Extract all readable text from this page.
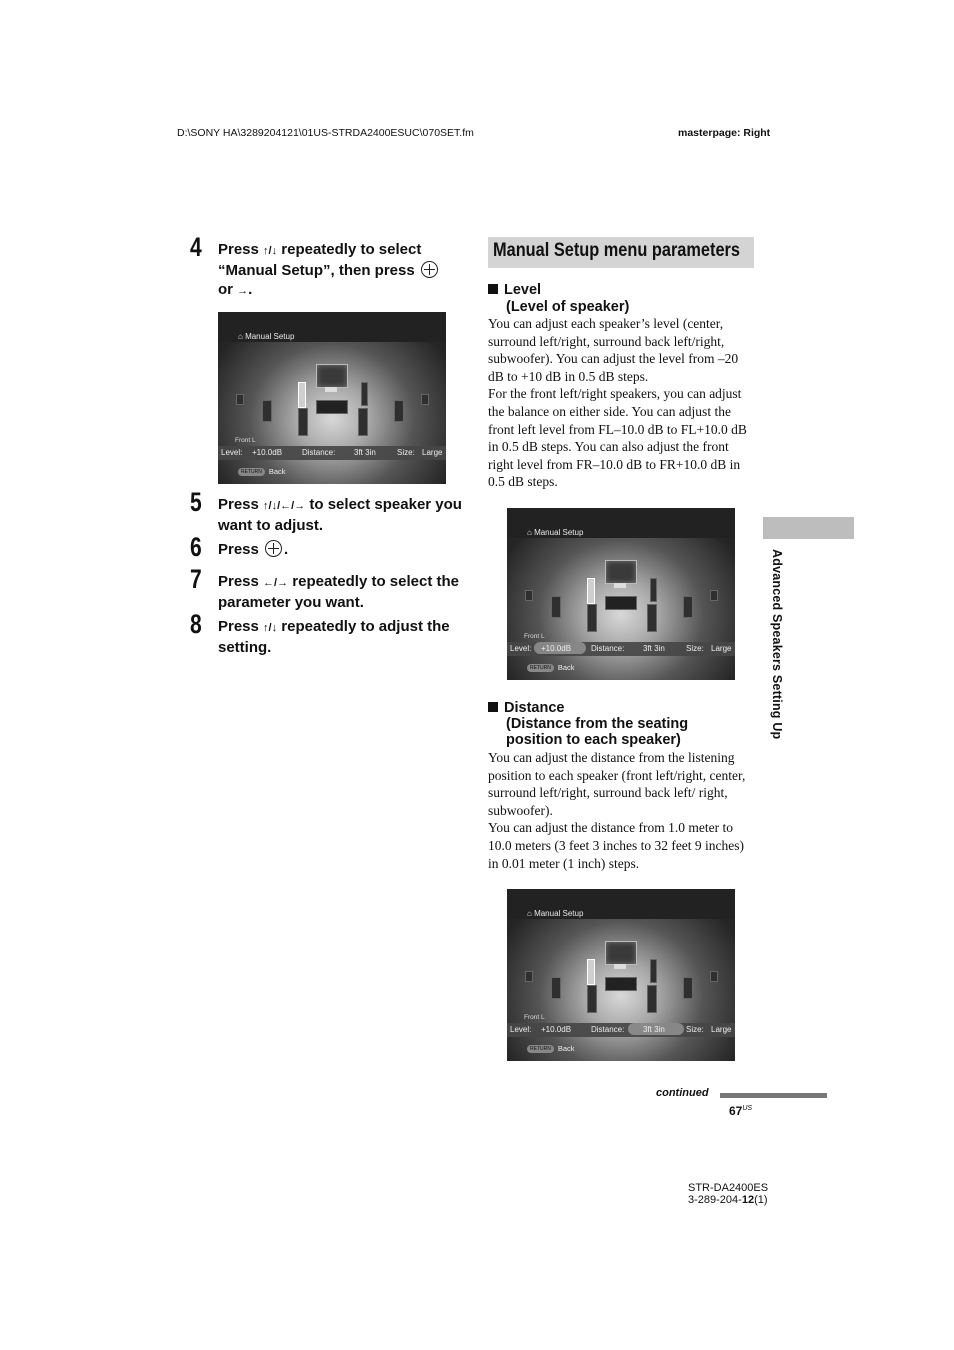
D:\SONY HA\3289204121\01US-STRDA2400ESUC\070SET.fm	masterpage: Right
4 Press ↑/↓ repeatedly to select “Manual Setup”, then press
or →.
⌂ Manual Setup
Front L
Level: +10.0dB Distance: 3ft 3in	Size: Large
RETURN Back
5 Press ↑/↓/←/→ to select speaker you want to adjust.
6 Press .
7 Press ←/→ repeatedly to select the parameter you want.
8 Press ↑/↓ repeatedly to adjust the setting.
Manual Setup menu parameters
Level
(Level of speaker)

You can adjust each speaker’s level (center, surround left/right, surround back left/right, subwoofer). You can adjust the level from –20 dB to +10 dB in 0.5 dB steps.

For the front left/right speakers, you can adjust the balance on either side. You can adjust the front left level from FL–10.0 dB to FL+10.0 dB in 0.5 dB steps. You can also adjust the front right level from FR–10.0 dB to FR+10.0 dB in 0.5 dB steps.

⌂ Manual Setup
Front L
Level: +10.0dB Distance: 3ft 3in	Size: Large
RETURN Back
Distance
(Distance from the seating
position to each speaker)

You can adjust the distance from the listening position to each speaker (front left/right, center, surround left/right, surround back left/ right, subwoofer).

You can adjust the distance from 1.0 meter to 10.0 meters (3 feet 3 inches to 32 feet 9 inches) in 0.01 meter (1 inch) steps.

⌂ Manual Setup
Front L
Level: +10.0dB Distance: 3ft 3in	Size: Large
RETURN Back
Advanced Speakers Setting Up
continued
$67^{US}$
STR-DA2400ES
3-289-204-12(1)
